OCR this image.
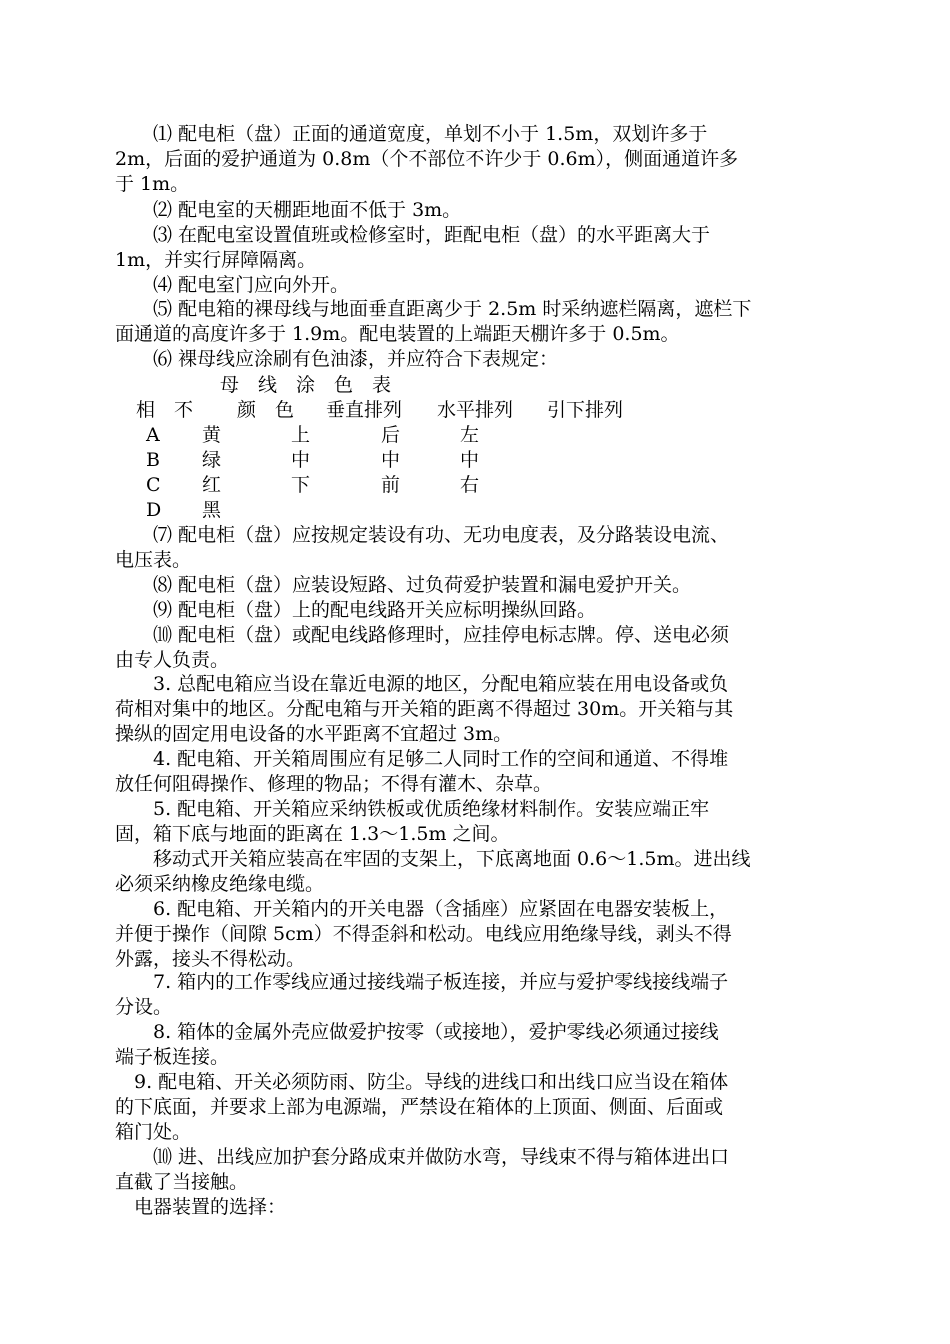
　　⑴ 配电柜（盘）正面的通道宽度，单划不小于 1.5m，双划许多于
2m，后面的爱护通道为 0.8m（个不部位不许少于 0.6m），侧面通道许多
于 1m。
　　⑵ 配电室的天棚距地面不低于 3m。
　　⑶ 在配电室设置值班或检修室时，距配电柜（盘）的水平距离大于
1m，并实行屏障隔离。
　　⑷ 配电室门应向外开。
　　⑸ 配电箱的裸母线与地面垂直距离少于 2.5m 时采纳遮栏隔离，遮栏下
面通道的高度许多于 1.9m。配电装置的上端距天棚许多于 0.5m。
　　⑹ 裸母线应涂刷有色油漆，并应符合下表规定：
　　⑺ 配电柜（盘）应按规定装设有功、无功电度表，及分路装设电流、
电压表。
　　⑻ 配电柜（盘）应装设短路、过负荷爱护装置和漏电爱护开关。
　　⑼ 配电柜（盘）上的配电线路开关应标明操纵回路。
　　⑽ 配电柜（盘）或配电线路修理时，应挂停电标志牌。停、送电必须
由专人负责。
　　3. 总配电箱应当设在靠近电源的地区，分配电箱应装在用电设备或负
荷相对集中的地区。分配电箱与开关箱的距离不得超过 30m。开关箱与其
操纵的固定用电设备的水平距离不宜超过 3m。
　　4. 配电箱、开关箱周围应有足够二人同时工作的空间和通道、不得堆
放任何阻碍操作、修理的物品；不得有灌木、杂草。
　　5. 配电箱、开关箱应采纳铁板或优质绝缘材料制作。安装应端正牢
固，箱下底与地面的距离在 1.3～1.5m 之间。
　　移动式开关箱应装高在牢固的支架上，下底离地面 0.6～1.5m。进出线
必须采纳橡皮绝缘电缆。
　　6. 配电箱、开关箱内的开关电器（含插座）应紧固在电器安装板上，
并便于操作（间隙 5cm）不得歪斜和松动。电线应用绝缘导线，剥头不得
外露，接头不得松动。
　　7. 箱内的工作零线应通过接线端子板连接，并应与爱护零线接线端子
分设。
　　8. 箱体的金属外壳应做爱护按零（或接地），爱护零线必须通过接线
端子板连接。
　9. 配电箱、开关必须防雨、防尘。导线的进线口和出线口应当设在箱体
的下底面，并要求上部为电源端，严禁设在箱体的上顶面、侧面、后面或
箱门处。
　　⑽ 进、出线应加护套分路成束并做防水弯，导线束不得与箱体进出口
直截了当接触。
　电器装置的选择：
母　线　涂　色　表
相　不 颜　色 垂直排列 水平排列 引下排列
A 黄	上	后	左
B 绿	中	中	中
C 红	下	前	右
D 黑
